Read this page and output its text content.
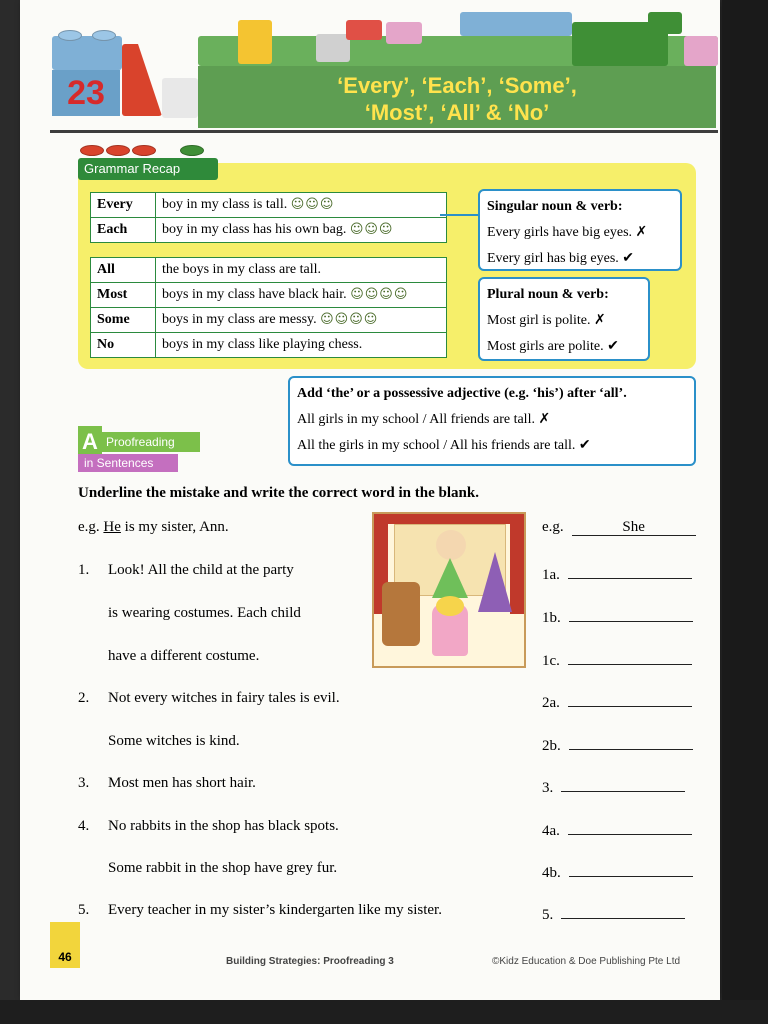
23	‘Every’, ‘Each’, ‘Some’,
‘Most’, ‘All’ & ‘No’
Grammar Recap
Every	boy in my class is tall. ☺☺☺
Each	boy in my class has his own bag. ☺☺☺
All	the boys in my class are tall.
Most	boys in my class have black hair. ☺☺☺☺
Some	boys in my class are messy. ☺☺☺☺
No	boys in my class like playing chess.
Singular noun & verb:
Every girls have big eyes. ✗
Every girl has big eyes. ✔
Plural noun & verb:
Most girl is polite. ✗
Most girls are polite. ✔
Add ‘the’ or a possessive adjective (e.g. ‘his’) after ‘all’.
All girls in my school / All friends are tall. ✗
All the girls in my school / All his friends are tall. ✔
A Proofreading
in Sentences
Underline the mistake and write the correct word in the blank.
e.g. He is my sister, Ann.	e.g.	She
1. Look! All the child at the party	1a.
is wearing costumes. Each child	1b.
have a different costume.	1c.
2. Not every witches in fairy tales is evil.	2a.
Some witches is kind.	2b.
3. Most men has short hair.	3.
4. No rabbits in the shop has black spots.	4a.
Some rabbit in the shop have grey fur.	4b.
5. Every teacher in my sister’s kindergarten like my sister.	5.
46	Building Strategies: Proofreading 3	©Kidz Education & Doe Publishing Pte Ltd
